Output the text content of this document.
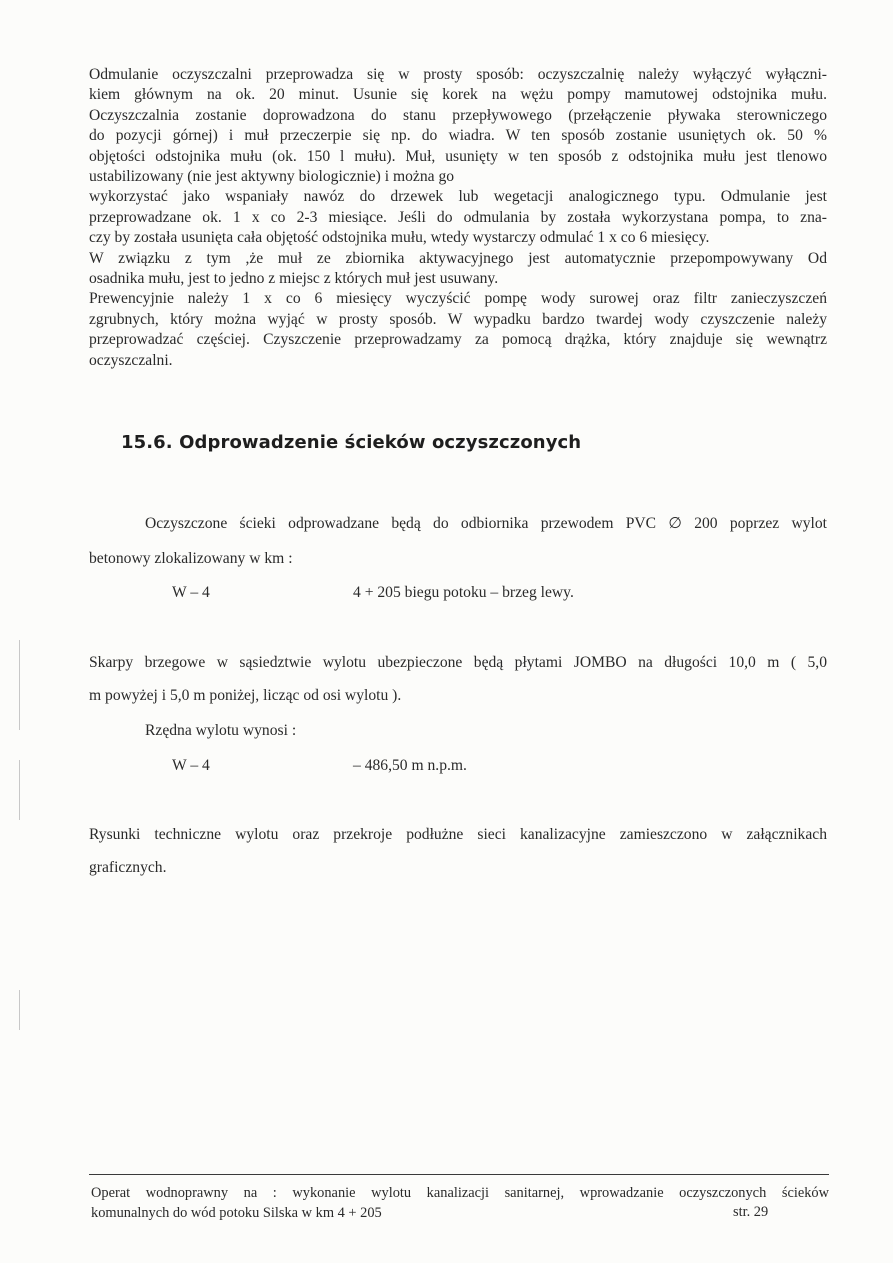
Odmulanie oczyszczalni przeprowadza się w prosty sposób: oczyszczalnię należy wyłączyć wyłączni-

kiem głównym na ok. 20 minut. Usunie się korek na wężu pompy mamutowej odstojnika mułu.

Oczyszczalnia zostanie doprowadzona do stanu przepływowego (przełączenie pływaka sterowniczego

do pozycji górnej) i muł przeczerpie się np. do wiadra. W ten sposób zostanie usuniętych ok. 50 %

objętości odstojnika mułu (ok. 150 l mułu). Muł, usunięty w ten sposób z odstojnika mułu jest tlenowo

ustabilizowany (nie jest aktywny biologicznie) i można go

wykorzystać jako wspaniały nawóz do drzewek lub wegetacji analogicznego typu. Odmulanie jest

przeprowadzane ok. 1 x co 2-3 miesiące. Jeśli do odmulania by została wykorzystana pompa, to zna-

czy by została usunięta cała objętość odstojnika mułu, wtedy wystarczy odmulać 1 x co 6 miesięcy.

W związku z tym ,że muł ze zbiornika aktywacyjnego jest automatycznie przepompowywany Od

osadnika mułu, jest to jedno z miejsc z których muł jest usuwany.

Prewencyjnie należy 1 x co 6 miesięcy wyczyścić pompę wody surowej oraz filtr zanieczyszczeń

zgrubnych, który można wyjąć w prosty sposób. W wypadku bardzo twardej wody czyszczenie należy

przeprowadzać częściej. Czyszczenie przeprowadzamy za pomocą drążka, który znajduje się wewnątrz

oczyszczalni.

15.6. Odprowadzenie ścieków oczyszczonych
Oczyszczone ścieki odprowadzane będą do odbiornika przewodem PVC ∅ 200 poprzez wylot
betonowy zlokalizowany w km :
W – 4	4 + 205 biegu potoku – brzeg lewy.
Skarpy brzegowe w sąsiedztwie wylotu ubezpieczone będą płytami JOMBO na długości 10,0 m ( 5,0
m powyżej i 5,0 m poniżej, licząc od osi wylotu ).
Rzędna wylotu wynosi :
W – 4	– 486,50 m n.p.m.
Rysunki techniczne wylotu oraz przekroje podłużne sieci kanalizacyjne zamieszczono w załącznikach
graficznych.
Operat wodnoprawny na : wykonanie wylotu kanalizacji sanitarnej, wprowadzanie oczyszczonych ścieków
komunalnych do wód potoku Silska w km 4 + 205	str. 29
